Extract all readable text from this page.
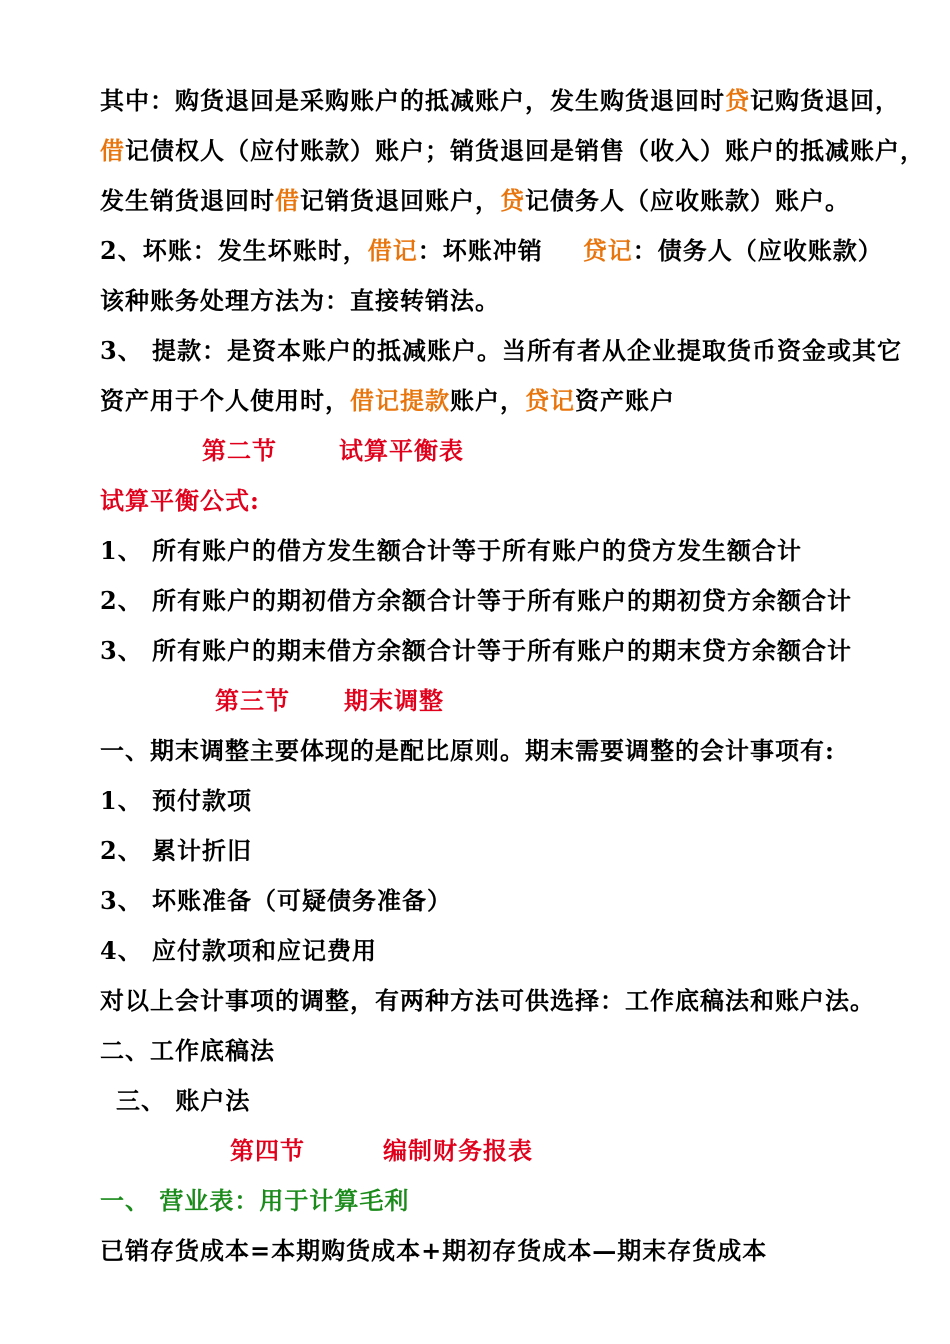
其中：购货退回是采购账户的抵减账户，发生购货退回时贷记购货退回，
借记债权人（应付账款）账户；销货退回是销售（收入）账户的抵减账户，
发生销货退回时借记销货退回账户，贷记债务人（应收账款）账户。
2、坏账：发生坏账时，借记：坏账冲销 贷记：债务人（应收账款）
该种账务处理方法为：直接转销法。
3、 提款：是资本账户的抵减账户。当所有者从企业提取货币资金或其它
资产用于个人使用时，借记提款账户，贷记资产账户
第二节	试算平衡表
试算平衡公式:
1、 所有账户的借方发生额合计等于所有账户的贷方发生额合计
2、 所有账户的期初借方余额合计等于所有账户的期初贷方余额合计
3、 所有账户的期末借方余额合计等于所有账户的期末贷方余额合计
第三节 期末调整
一、期末调整主要体现的是配比原则。期末需要调整的会计事项有:
1、 预付款项
2、 累计折旧
3、 坏账准备（可疑债务准备）
4、 应付款项和应记费用
对以上会计事项的调整，有两种方法可供选择：工作底稿法和账户法。
二、工作底稿法
三、 账户法
第四节	编制财务报表
一、 营业表：用于计算毛利
已销存货成本=本期购货成本+期初存货成本—期末存货成本
